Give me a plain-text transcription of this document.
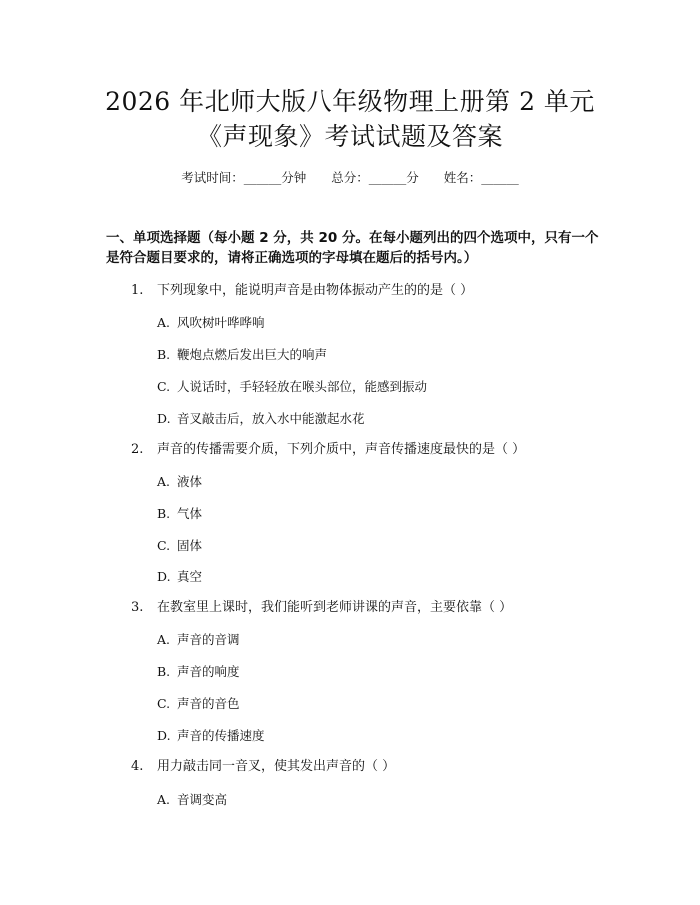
2026 年北师大版八年级物理上册第 2 单元
《声现象》考试试题及答案
考试时间：______分钟　　总分：______分　　姓名：______

一、单项选择题（每小题 2 分，共 20 分。在每小题列出的四个选项中，只有一个是符合题目要求的，请将正确选项的字母填在题后的括号内。）

1. 下列现象中，能说明声音是由物体振动产生的的是（ ）
A. 风吹树叶哗哗响
B. 鞭炮点燃后发出巨大的响声
C. 人说话时，手轻轻放在喉头部位，能感到振动
D. 音叉敲击后，放入水中能激起水花
2. 声音的传播需要介质，下列介质中，声音传播速度最快的是（ ）
A. 液体
B. 气体
C. 固体
D. 真空
3. 在教室里上课时，我们能听到老师讲课的声音，主要依靠（ ）
A. 声音的音调
B. 声音的响度
C. 声音的音色
D. 声音的传播速度
4. 用力敲击同一音叉，使其发出声音的（ ）
A. 音调变高
